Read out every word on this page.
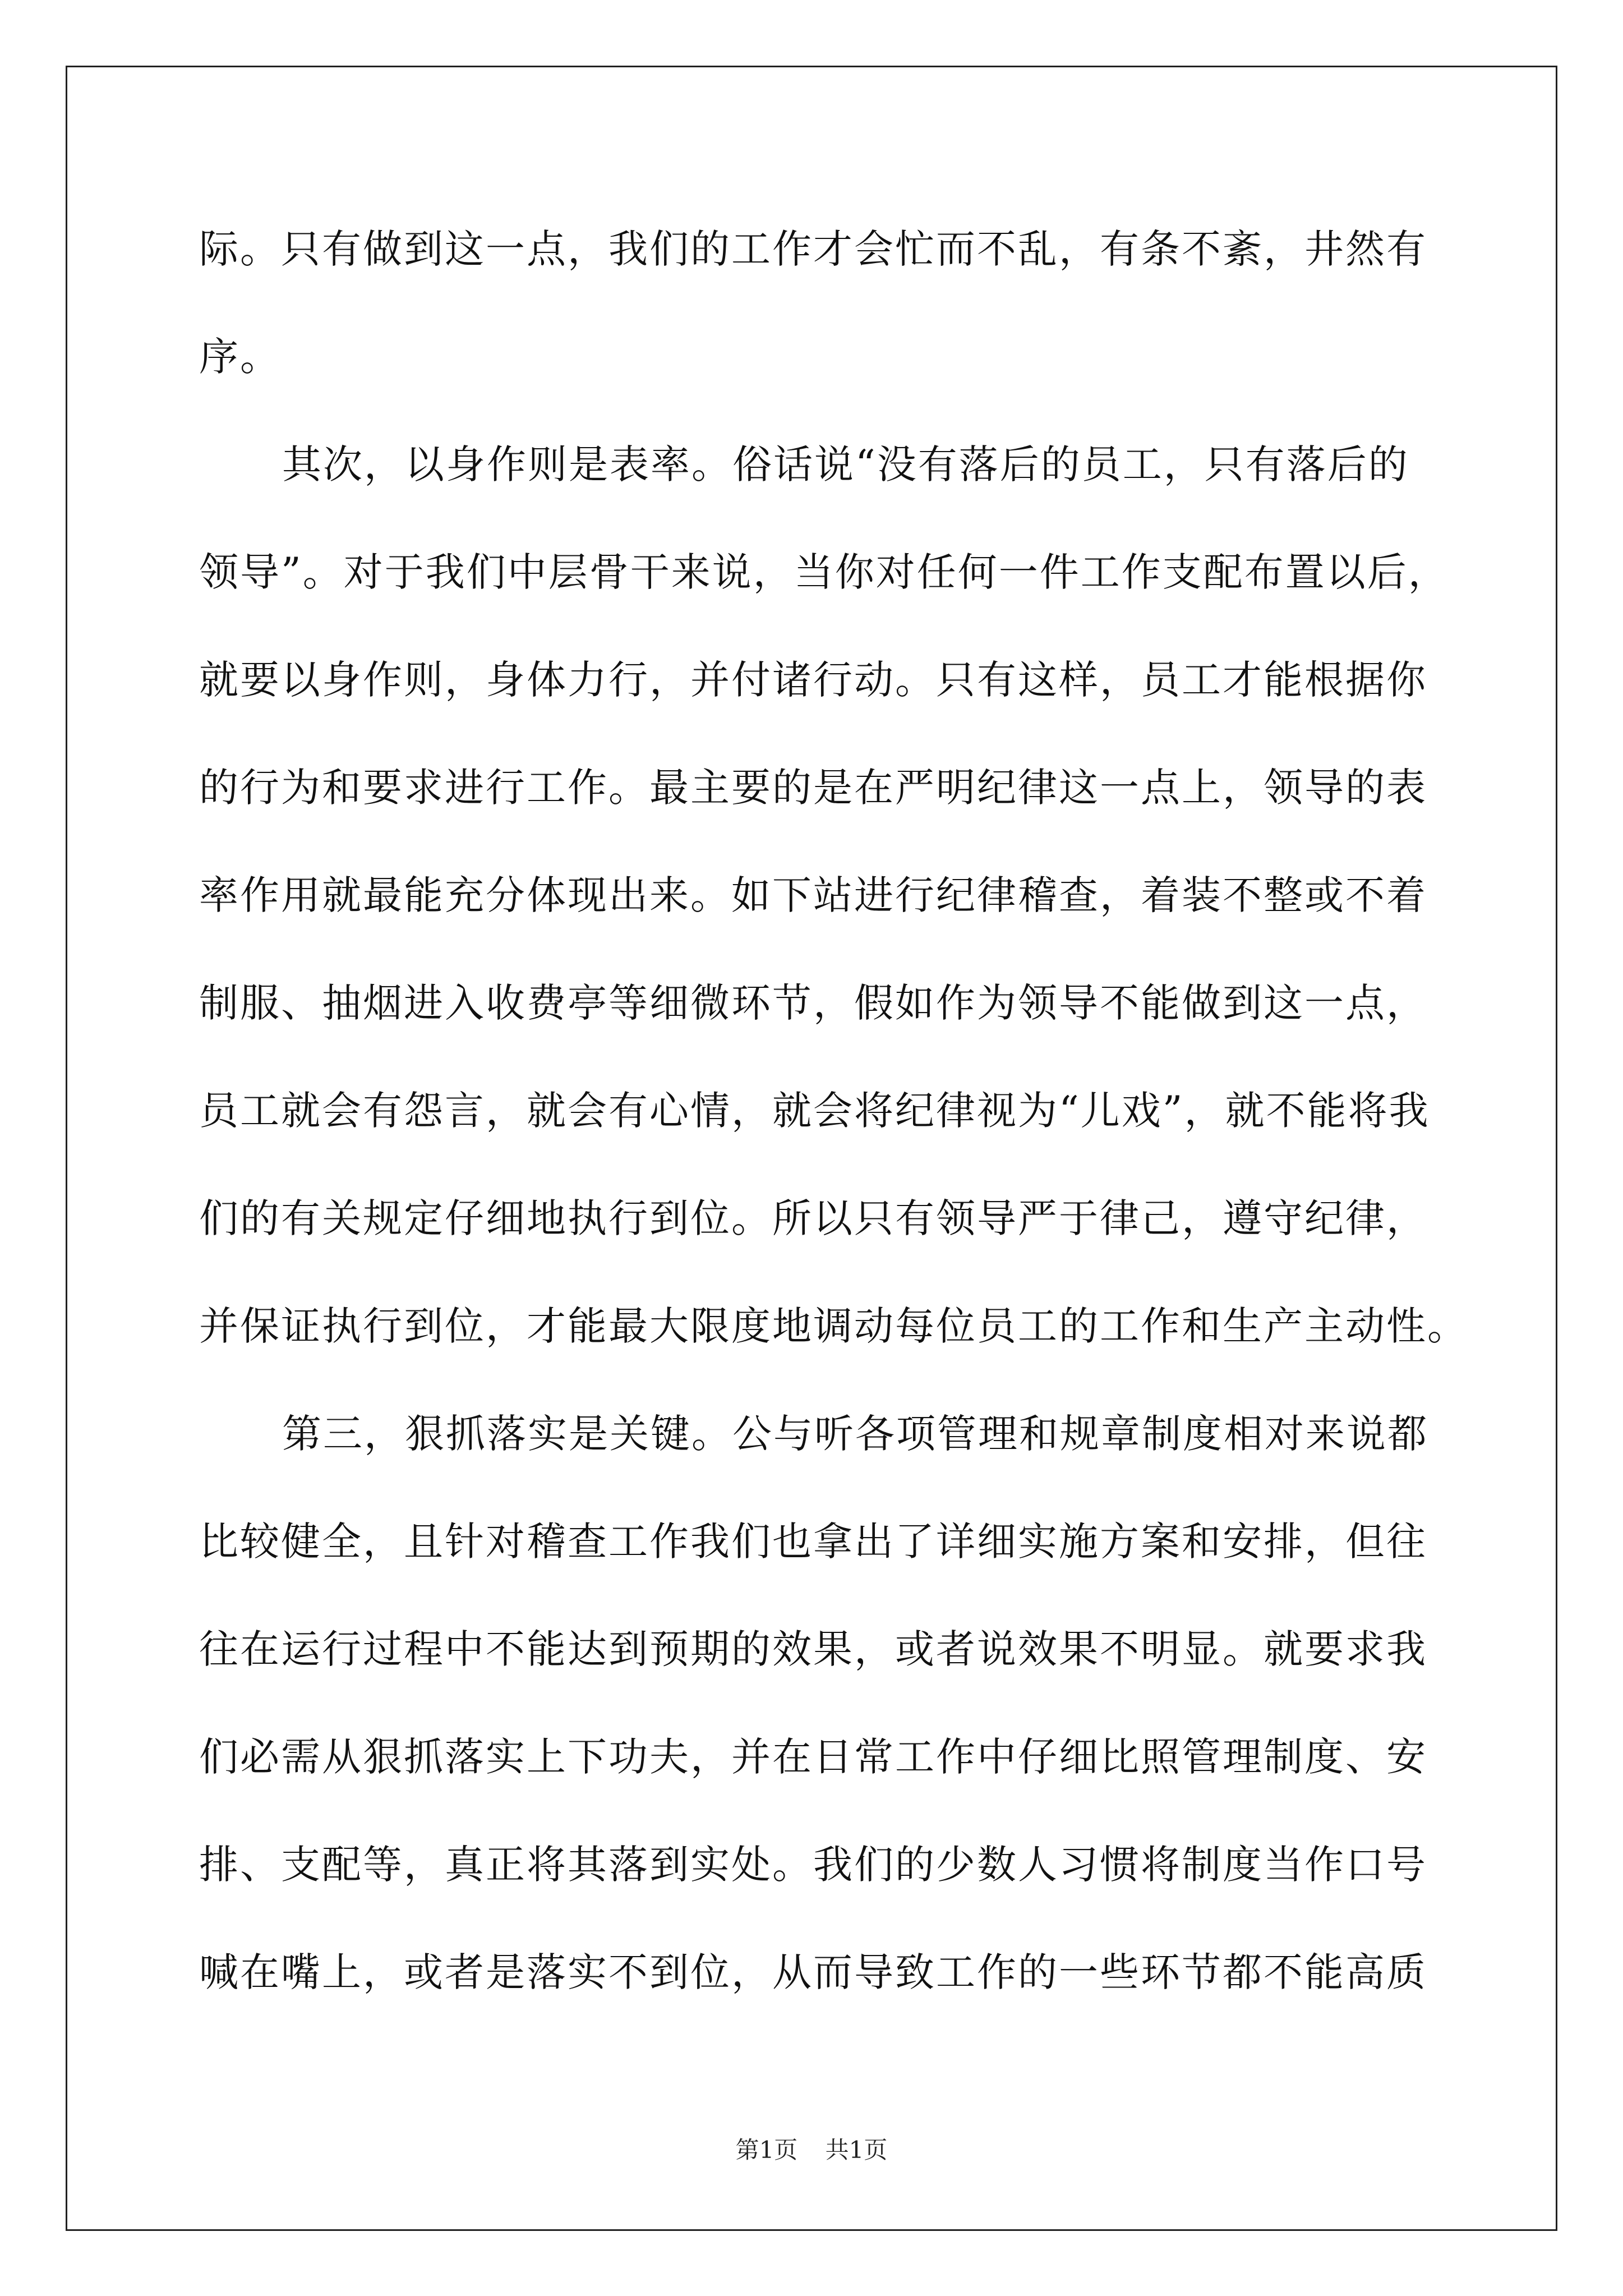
际。只有做到这一点，我们的工作才会忙而不乱，有条不紊，井然有
序。
其次，以身作则是表率。俗话说“没有落后的员工，只有落后的
领导”。对于我们中层骨干来说，当你对任何一件工作支配布置以后，
就要以身作则，身体力行，并付诸行动。只有这样，员工才能根据你
的行为和要求进行工作。最主要的是在严明纪律这一点上，领导的表
率作用就最能充分体现出来。如下站进行纪律稽查，着装不整或不着
制服、抽烟进入收费亭等细微环节，假如作为领导不能做到这一点，
员工就会有怨言，就会有心情，就会将纪律视为“儿戏”，就不能将我
们的有关规定仔细地执行到位。所以只有领导严于律己，遵守纪律，
并保证执行到位，才能最大限度地调动每位员工的工作和生产主动性。
第三，狠抓落实是关键。公与听各项管理和规章制度相对来说都
比较健全，且针对稽查工作我们也拿出了详细实施方案和安排，但往
往在运行过程中不能达到预期的效果，或者说效果不明显。就要求我
们必需从狠抓落实上下功夫，并在日常工作中仔细比照管理制度、安
排、支配等，真正将其落到实处。我们的少数人习惯将制度当作口号
喊在嘴上，或者是落实不到位，从而导致工作的一些环节都不能高质
第1页 共1页
